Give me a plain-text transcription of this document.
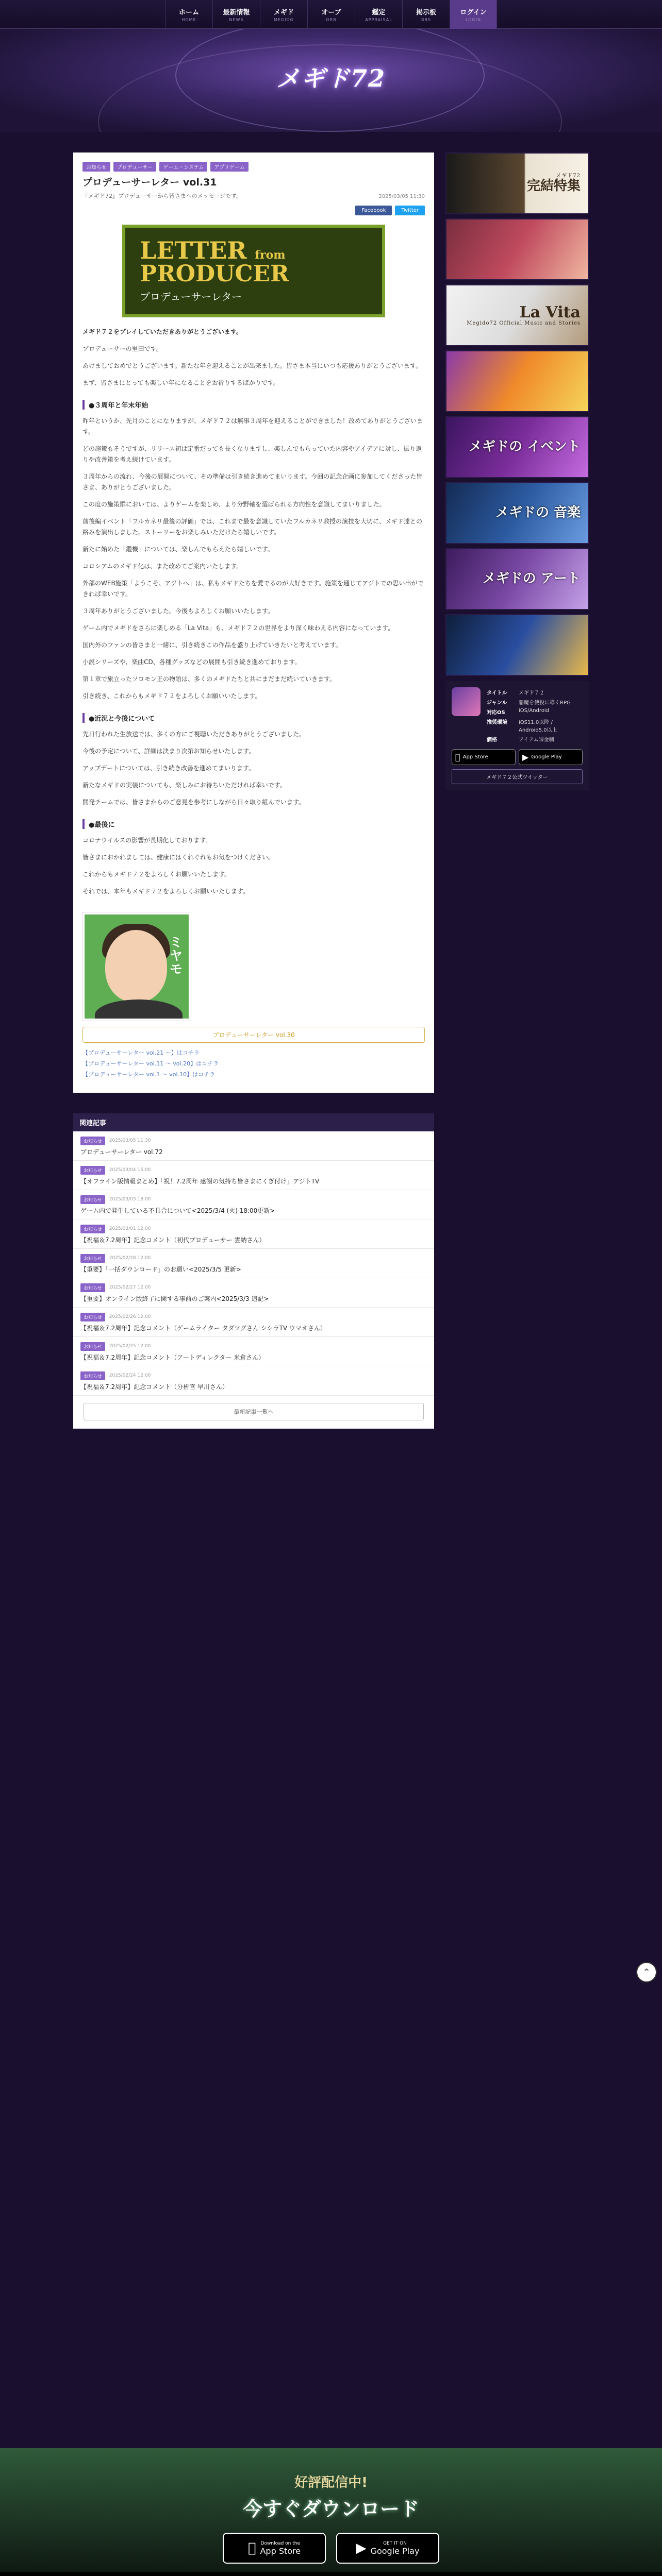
ホーム
HOME
最新情報
NEWS
メギド
MEGIDO
オーブ
ORB
鑑定
APPRAISAL
掲示板
BBS
ログイン
LOGIN
メギド72
お知らせ	プロデューサー	ゲーム・システム	アプリゲーム
プロデューサーレター vol.31

『メギド72』プロデューサーから皆さまへのメッセージです。	2025/03/05 11:30
Facebook	Twitter
LETTER from
PRODUCER
プロデューサーレター

メギド７２をプレイしていただきありがとうございます。

プロデューサーの里田です。

あけましておめでとうございます。新たな年を迎えることが出来ました。皆さま本当にいつも応援ありがとうございます。

まず、皆さまにとっても楽しい年になることをお祈りするばかりです。

●３周年と年末年始

昨年というか、先月のことになりますが、メギド７２は無事３周年を迎えることができました！改めてありがとうございます。

どの施策もそうですが、リリース初は定番だっても長くなりますし、楽しんでもらっていた内容やアイデアに対し、振り返りや改善策を考え続けています。

３周年からの流れ、今後の展開について、その準備は引き続き進めてまいります。今回の記念企画に参加してくださった皆さま、ありがとうございました。

この度の施策群においては、よりゲームを楽しめ、より分野軸を選ばられる方向性を意識してまいりました。

前後編イベント「フルカネリ最後の評価」では、これまで最を意識していたフルカネリ教授の演技を大切に、メギド達との絡みを演出しました。ストーリーをお楽しみいただけたら嬉しいです。

新たに始めた「鑑機」については、楽しんでもらえたら嬉しいです。

コロシアムのメギド化は、また改めてご案内いたします。

外部のWEB施策「ようこそ、アジトへ」は、私もメギドたちを愛でるのが大好きです。施策を通じてアジトでの思い出ができれば幸いです。

３周年ありがとうございました。今後もよろしくお願いいたします。

ゲーム内でメギドをさらに楽しめる「La Vita」も、メギド７２の世界をより深く味わえる内容になっています。

国内外のファンの皆さまと一緒に、引き続きこの作品を盛り上げていきたいと考えています。

小説シリーズや、楽曲CD、各種グッズなどの展開も引き続き進めております。

第１章で旅立ったソロモン王の物語は、多くのメギドたちと共にまだまだ続いていきます。

引き続き、これからもメギド７２をよろしくお願いいたします。

●近況と今後について

先日行われた生放送では、多くの方にご視聴いただきありがとうございました。

今後の予定について、詳細は決まり次第お知らせいたします。

アップデートについては、引き続き改善を進めてまいります。

新たなメギドの実装についても、楽しみにお待ちいただければ幸いです。

開発チームでは、皆さまからのご意見を参考にしながら日々取り組んでいます。

●最後に

コロナウイルスの影響が長期化しております。

皆さまにおかれましては、健康にはくれぐれもお気をつけください。

これからもメギド７２をよろしくお願いいたします。

それでは、本年もメギド７２をよろしくお願いいたします。

ミヤモ
プロデューサーレター vol.30
【プロデューサーレター vol.21 ～】はコチラ
【プロデューサーレター vol.11 ～ vol.20】はコチラ
【プロデューサーレター vol.1 ～ vol.10】はコチラ
関連記事
お知らせ	2025/03/05 11:30
プロデューサーレター vol.72
お知らせ	2025/03/04 15:00
【オフライン版情報まとめ】「祝！7.2周年 感謝の気持ち皆さまにくぎ付け」アジトTV
お知らせ	2025/03/03 18:00
ゲーム内で発生している不具合について<2025/3/4 (火) 18:00更新>
お知らせ	2025/03/01 12:00
【祝福＆7.2周年】記念コメント（初代プロデューサー 雲納さん）
お知らせ	2025/02/28 12:00
【重要】「一括ダウンロード」のお願い<2025/3/5 更新>
お知らせ	2025/02/27 12:00
【重要】オンライン版終了に関する事前のご案内<2025/3/3 追記>
お知らせ	2025/02/26 12:00
【祝福＆7.2周年】記念コメント（ゲームライター タダツグさん シシラTV ウマオさん）
お知らせ	2025/02/25 12:00
【祝福＆7.2周年】記念コメント（アートディレクター 米倉さん）
お知らせ	2025/02/24 12:00
【祝福＆7.2周年】記念コメント（分析官 早川さん）
最新記事一覧へ
メギド72
完結特集
La Vita
Megido72 Official Music and Stories
メギドの イベント
メギドの 音楽
メギドの アート
タイトル	メギド７２
ジャンル	悪魔を使役に導くRPG
対応OS	iOS/Android
推奨環境	iOS11.0以降 / Android5.0以上
価格	アイテム課金制
App Store	▶ Google Play
メギド７２公式ツイッター
⌃
好評配信中!
今すぐダウンロード
Download on the
App Store	▶	GET IT ON
Google Play
